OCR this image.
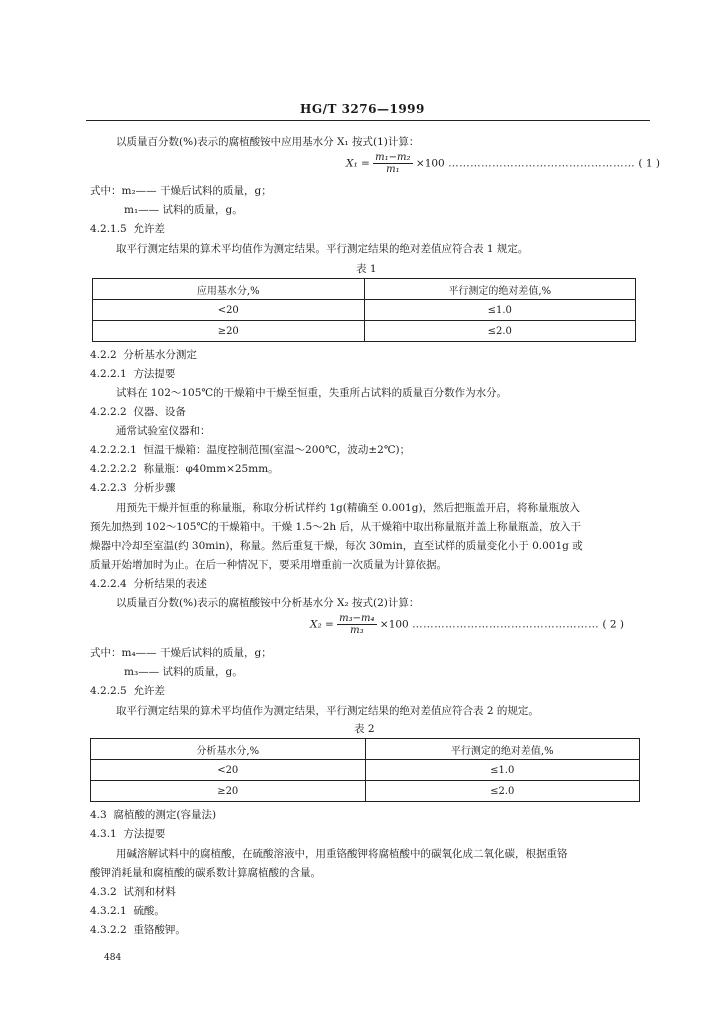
HG/T 3276—1999
以质量百分数(%)表示的腐植酸铵中应用基水分 X₁ 按式(1)计算：
$X_1 = \frac{\text{m₁−m₂}}{\text{m₁}} \times 100$ …………………………………………… ( 1 )
式中：m₂—— 干燥后试料的质量，g；
m₁—— 试料的质量，g。
4.2.1.5 允许差
取平行测定结果的算术平均值作为测定结果。平行测定结果的绝对差值应符合表 1 规定。
表 1
应用基水分,%	平行测定的绝对差值,%
<20	≤1.0
≥20	≤2.0
4.2.2 分析基水分测定
4.2.2.1 方法提要
试料在 102～105℃的干燥箱中干燥至恒重，失重所占试料的质量百分数作为水分。
4.2.2.2 仪器、设备
通常试验室仪器和：
4.2.2.2.1 恒温干燥箱：温度控制范围(室温～200℃，波动±2℃)；
4.2.2.2.2 称量瓶：φ40mm×25mm。
4.2.2.3 分析步骤
用预先干燥并恒重的称量瓶，称取分析试样约 1g(精确至 0.001g)，然后把瓶盖开启，将称量瓶放入
预先加热到 102～105℃的干燥箱中。干燥 1.5～2h 后，从干燥箱中取出称量瓶并盖上称量瓶盖，放入干
燥器中冷却至室温(约 30min)，称量。然后重复干燥，每次 30min，直至试样的质量变化小于 0.001g 或
质量开始增加时为止。在后一种情况下，要采用增重前一次质量为计算依据。
4.2.2.4 分析结果的表述
以质量百分数(%)表示的腐植酸铵中分析基水分 X₂ 按式(2)计算：
$X_2 = \frac{\text{m₃−m₄}}{\text{m₃}} \times 100$ …………………………………………… ( 2 )
式中：m₄—— 干燥后试料的质量，g；
m₃—— 试料的质量，g。
4.2.2.5 允许差
取平行测定结果的算术平均值作为测定结果，平行测定结果的绝对差值应符合表 2 的规定。
表 2
分析基水分,%	平行测定的绝对差值,%
<20	≤1.0
≥20	≤2.0
4.3 腐植酸的测定(容量法)
4.3.1 方法提要
用碱溶解试料中的腐植酸，在硫酸溶液中，用重铬酸钾将腐植酸中的碳氧化成二氧化碳，根据重铬
酸钾消耗量和腐植酸的碳系数计算腐植酸的含量。
4.3.2 试剂和材料
4.3.2.1 硫酸。
4.3.2.2 重铬酸钾。
484
